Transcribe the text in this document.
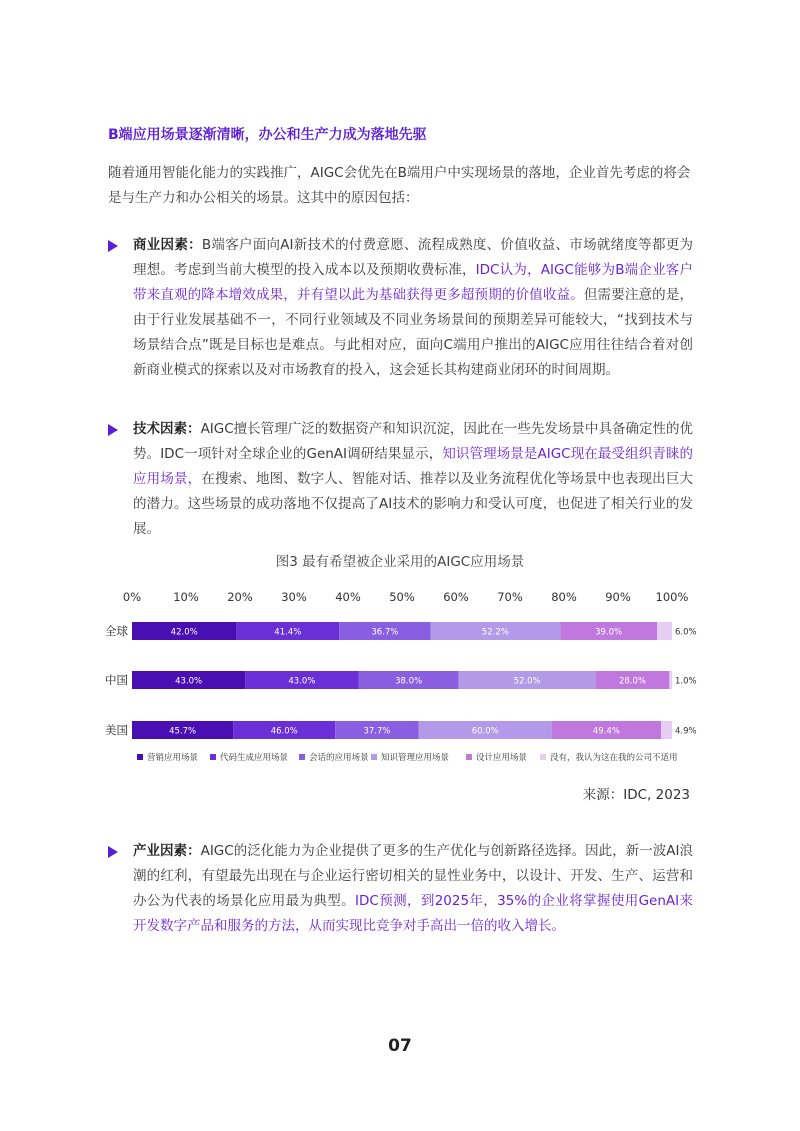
B端应用场景逐渐清晰，办公和生产力成为落地先驱
随着通用智能化能力的实践推广，AIGC会优先在B端用户中实现场景的落地，企业首先考虑的将会是与生产力和办公相关的场景。这其中的原因包括：
商业因素：B端客户面向AI新技术的付费意愿、流程成熟度、价值收益、市场就绪度等都更为理想。考虑到当前大模型的投入成本以及预期收费标准，IDC认为，AIGC能够为B端企业客户带来直观的降本增效成果，并有望以此为基础获得更多超预期的价值收益。但需要注意的是，由于行业发展基础不一，不同行业领域及不同业务场景间的预期差异可能较大，“找到技术与场景结合点”既是目标也是难点。与此相对应，面向C端用户推出的AIGC应用往往结合着对创新商业模式的探索以及对市场教育的投入，这会延长其构建商业闭环的时间周期。
技术因素：AIGC擅长管理广泛的数据资产和知识沉淀，因此在一些先发场景中具备确定性的优势。IDC一项针对全球企业的GenAI调研结果显示，知识管理场景是AIGC现在最受组织青睐的应用场景，在搜索、地图、数字人、智能对话、推荐以及业务流程优化等场景中也表现出巨大的潜力。这些场景的成功落地不仅提高了AI技术的影响力和受认可度，也促进了相关行业的发展。
图3 最有希望被企业采用的AIGC应用场景
0%	10% 20% 30% 40% 50% 60% 70% 80% 90% 100%
全球	42.0%	41.4%	36.7%	52.2%	39.0%	6.0%
中国	43.0%	43.0%	38.0%	52.0%	28.0%	1.0%
美国	45.7%	46.0%	37.7%	60.0%	49.4%	4.9%
营销应用场景	代码生成应用场景 会话的应用场景 知识管理应用场景	设计应用场景	没有，我认为这在我的公司不适用
来源：IDC, 2023
产业因素：AIGC的泛化能力为企业提供了更多的生产优化与创新路径选择。因此，新一波AI浪潮的红利，有望最先出现在与企业运行密切相关的显性业务中，以设计、开发、生产、运营和办公为代表的场景化应用最为典型。IDC预测，到2025年，35%的企业将掌握使用GenAI来开发数字产品和服务的方法，从而实现比竞争对手高出一倍的收入增长。
07
